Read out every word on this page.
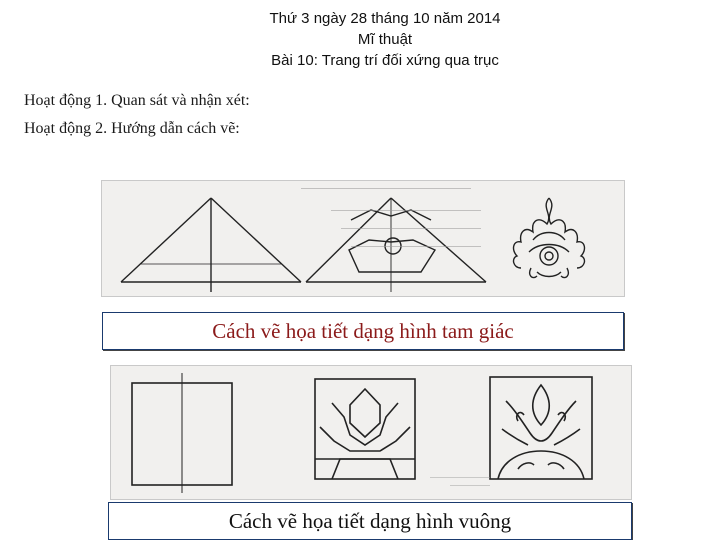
Thứ 3 ngày 28 tháng 10 năm 2014
Mĩ thuật
Bài 10: Trang trí đối xứng qua trục
Hoạt động 1. Quan sát và nhận xét:
Hoạt động 2. Hướng dẫn cách vẽ:
Cách vẽ họa tiết dạng hình tam giác
Cách vẽ họa tiết dạng hình vuông
